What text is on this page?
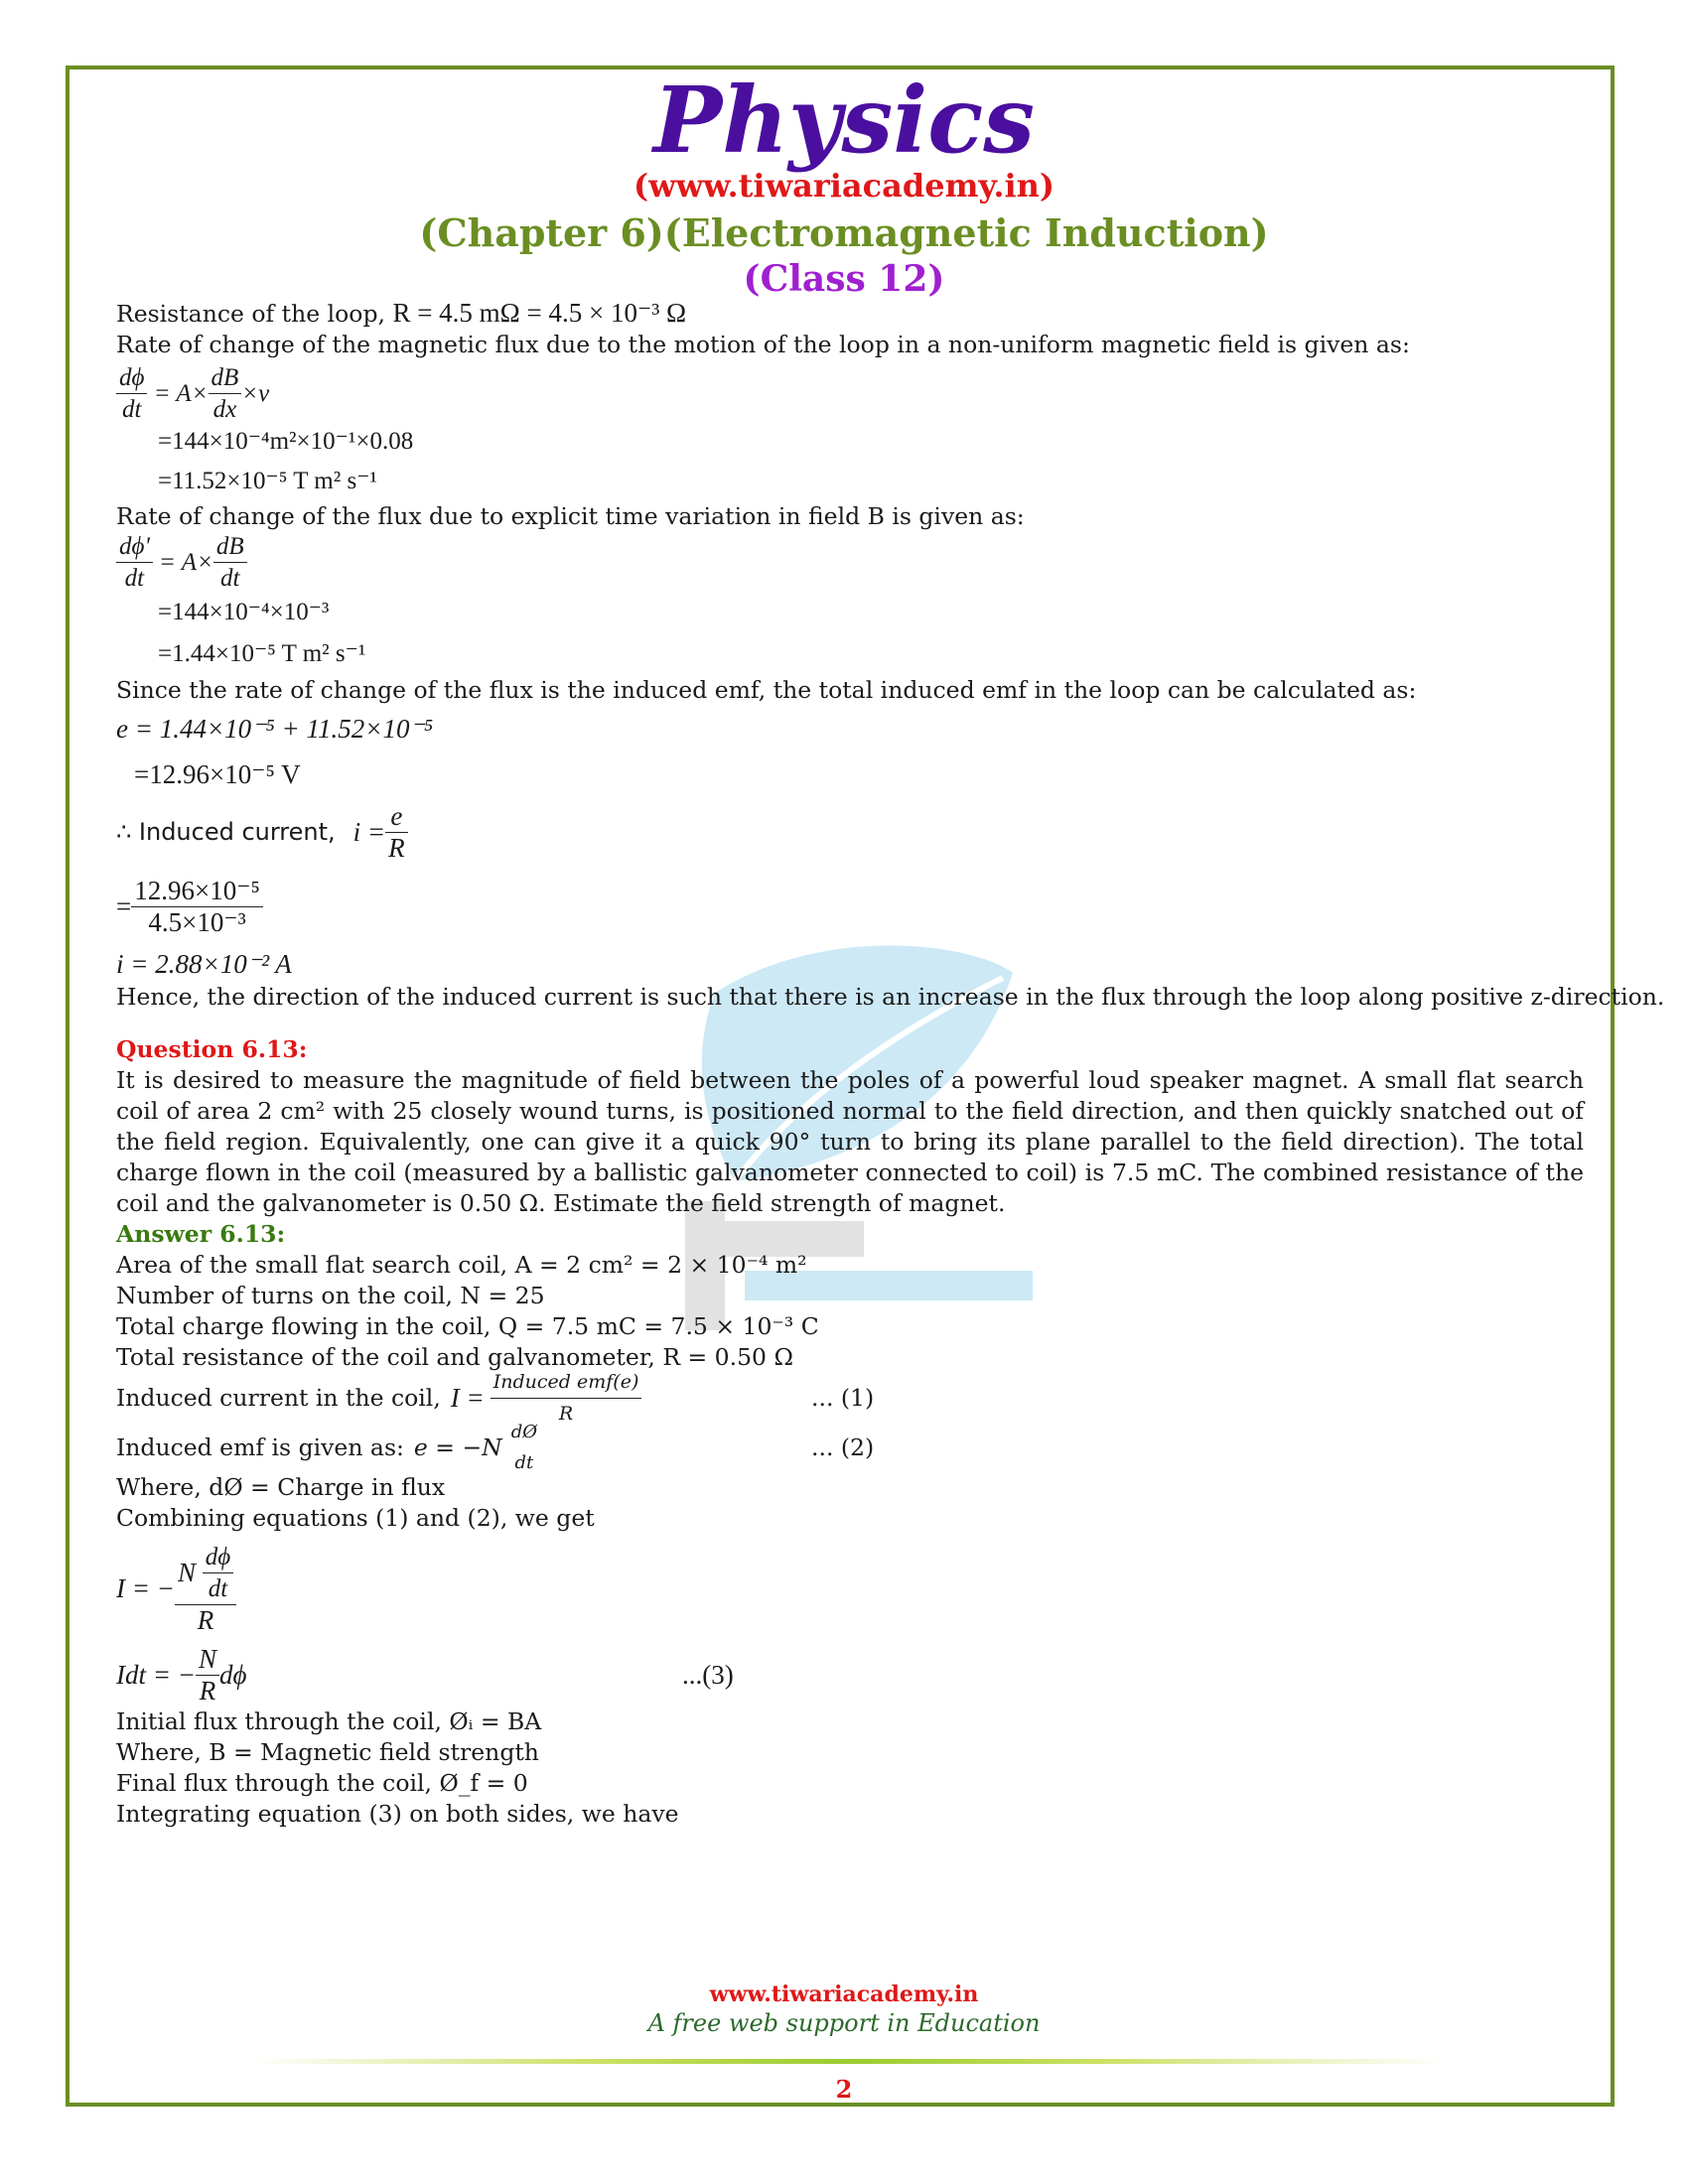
Physics
(www.tiwariacademy.in)
(Chapter 6)(Electromagnetic Induction)
(Class 12)
Resistance of the loop, R = 4.5 mΩ = 4.5 × 10⁻³ Ω
Rate of change of the magnetic flux due to the motion of the loop in a non-uniform magnetic field is given as:
$\frac{d\phi}{dt} = A\times \frac{dB}{dx} \times v$
=144×10⁻⁴m²×10⁻¹×0.08
=11.52×10⁻⁵ T m² s⁻¹
Rate of change of the flux due to explicit time variation in field B is given as:
$\frac{d\phi'}{dt} = A\times \frac{dB}{dt}$
=144×10⁻⁴×10⁻³
=1.44×10⁻⁵ T m² s⁻¹
Since the rate of change of the flux is the induced emf, the total induced emf in the loop can be calculated as:
e = 1.44×10⁻⁵ + 11.52×10⁻⁵
=12.96×10⁻⁵ V
∴ Induced current, $i = \frac{e}{R}$
= $\frac{\text{12.96×10⁻⁵}}{\text{4.5×10⁻³}}$
i = 2.88×10⁻² A
Hence, the direction of the induced current is such that there is an increase in the flux through the loop along positive z-direction.
Question 6.13:
It is desired to measure the magnitude of field between the poles of a powerful loud speaker magnet. A small flat search coil of area 2 cm² with 25 closely wound turns, is positioned normal to the field direction, and then quickly snatched out of the field region. Equivalently, one can give it a quick 90° turn to bring its plane parallel to the field direction). The total charge flown in the coil (measured by a ballistic galvanometer connected to coil) is 7.5 mC. The combined resistance of the coil and the galvanometer is 0.50 Ω. Estimate the field strength of magnet.
Answer 6.13:
Area of the small flat search coil, A = 2 cm² = 2 × 10⁻⁴ m²
Number of turns on the coil, N = 25
Total charge flowing in the coil, Q = 7.5 mC = 7.5 × 10⁻³ C
Total resistance of the coil and galvanometer, R = 0.50 Ω
Induced current in the coil, $I = \frac{\text{Induced emf(e)}}{R}$	... (1)
Induced emf is given as: e = −N
dØ
dt
... (2)
Where, dØ = Charge in flux
Combining equations (1) and (2), we get
I = − $\frac{N \frac{d\phi}{dt}}{R}$
Idt = − $\frac{N}{R}$ dϕ	...(3)
Initial flux through the coil, Øᵢ = BA
Where, B = Magnetic field strength
Final flux through the coil, Ø_f = 0
Integrating equation (3) on both sides, we have
www.tiwariacademy.in
A free web support in Education
2
